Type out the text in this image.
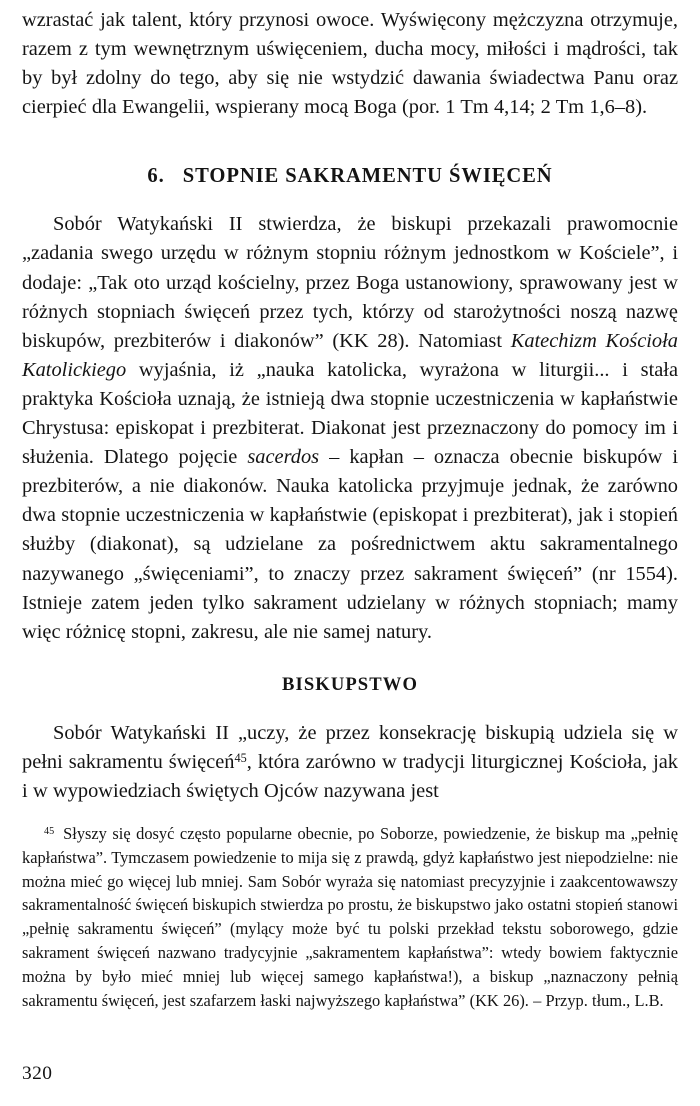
wzrastać jak talent, który przynosi owoce. Wyświęcony mężczyzna otrzymuje, razem z tym wewnętrznym uświęceniem, ducha mocy, miłości i mądrości, tak by był zdolny do tego, aby się nie wstydzić dawania świadectwa Panu oraz cierpieć dla Ewangelii, wspierany mocą Boga (por. 1 Tm 4,14; 2 Tm 1,6–8).

6.   STOPNIE SAKRAMENTU ŚWIĘCEŃ

Sobór Watykański II stwierdza, że biskupi przekazali prawomocnie „zadania swego urzędu w różnym stopniu różnym jednostkom w Kościele”, i dodaje: „Tak oto urząd kościelny, przez Boga ustanowiony, sprawowany jest w różnych stopniach święceń przez tych, którzy od starożytności noszą nazwę biskupów, prezbiterów i diakonów” (KK 28). Natomiast Katechizm Kościoła Katolickiego wyjaśnia, iż „nauka katolicka, wyrażona w liturgii... i stała praktyka Kościoła uznają, że istnieją dwa stopnie uczestniczenia w kapłaństwie Chrystusa: episkopat i prezbiterat. Diakonat jest przeznaczony do pomocy im i służenia. Dlatego pojęcie sacerdos – kapłan – oznacza obecnie biskupów i prezbiterów, a nie diakonów. Nauka katolicka przyjmuje jednak, że zarówno dwa stopnie uczestniczenia w kapłaństwie (episkopat i prezbiterat), jak i stopień służby (diakonat), są udzielane za pośrednictwem aktu sakramentalnego nazywanego „święceniami”, to znaczy przez sakrament święceń” (nr 1554). Istnieje zatem jeden tylko sakrament udzielany w różnych stopniach; mamy więc różnicę stopni, zakresu, ale nie samej natury.

BISKUPSTWO

Sobór Watykański II „uczy, że przez konsekrację biskupią udziela się w pełni sakramentu święceń$^{45}$, która zarówno w tradycji liturgicznej Kościoła, jak i w wypowiedziach świętych Ojców nazywana jest

$^{45}$ Słyszy się dosyć często popularne obecnie, po Soborze, powiedzenie, że biskup ma „pełnię kapłaństwa”. Tymczasem powiedzenie to mija się z prawdą, gdyż kapłaństwo jest niepodzielne: nie można mieć go więcej lub mniej. Sam Sobór wyraża się natomiast precyzyjnie i zaakcentowawszy sakramentalność święceń biskupich stwierdza po prostu, że biskupstwo jako ostatni stopień stanowi „pełnię sakramentu święceń” (mylący może być tu polski przekład tekstu soborowego, gdzie sakrament święceń nazwano tradycyjnie „sakramentem kapłaństwa”: wtedy bowiem faktycznie można by było mieć mniej lub więcej samego kapłaństwa!), a biskup „naznaczony pełnią sakramentu święceń, jest szafarzem łaski najwyższego kapłaństwa” (KK 26). – Przyp. tłum., L.B.

320
